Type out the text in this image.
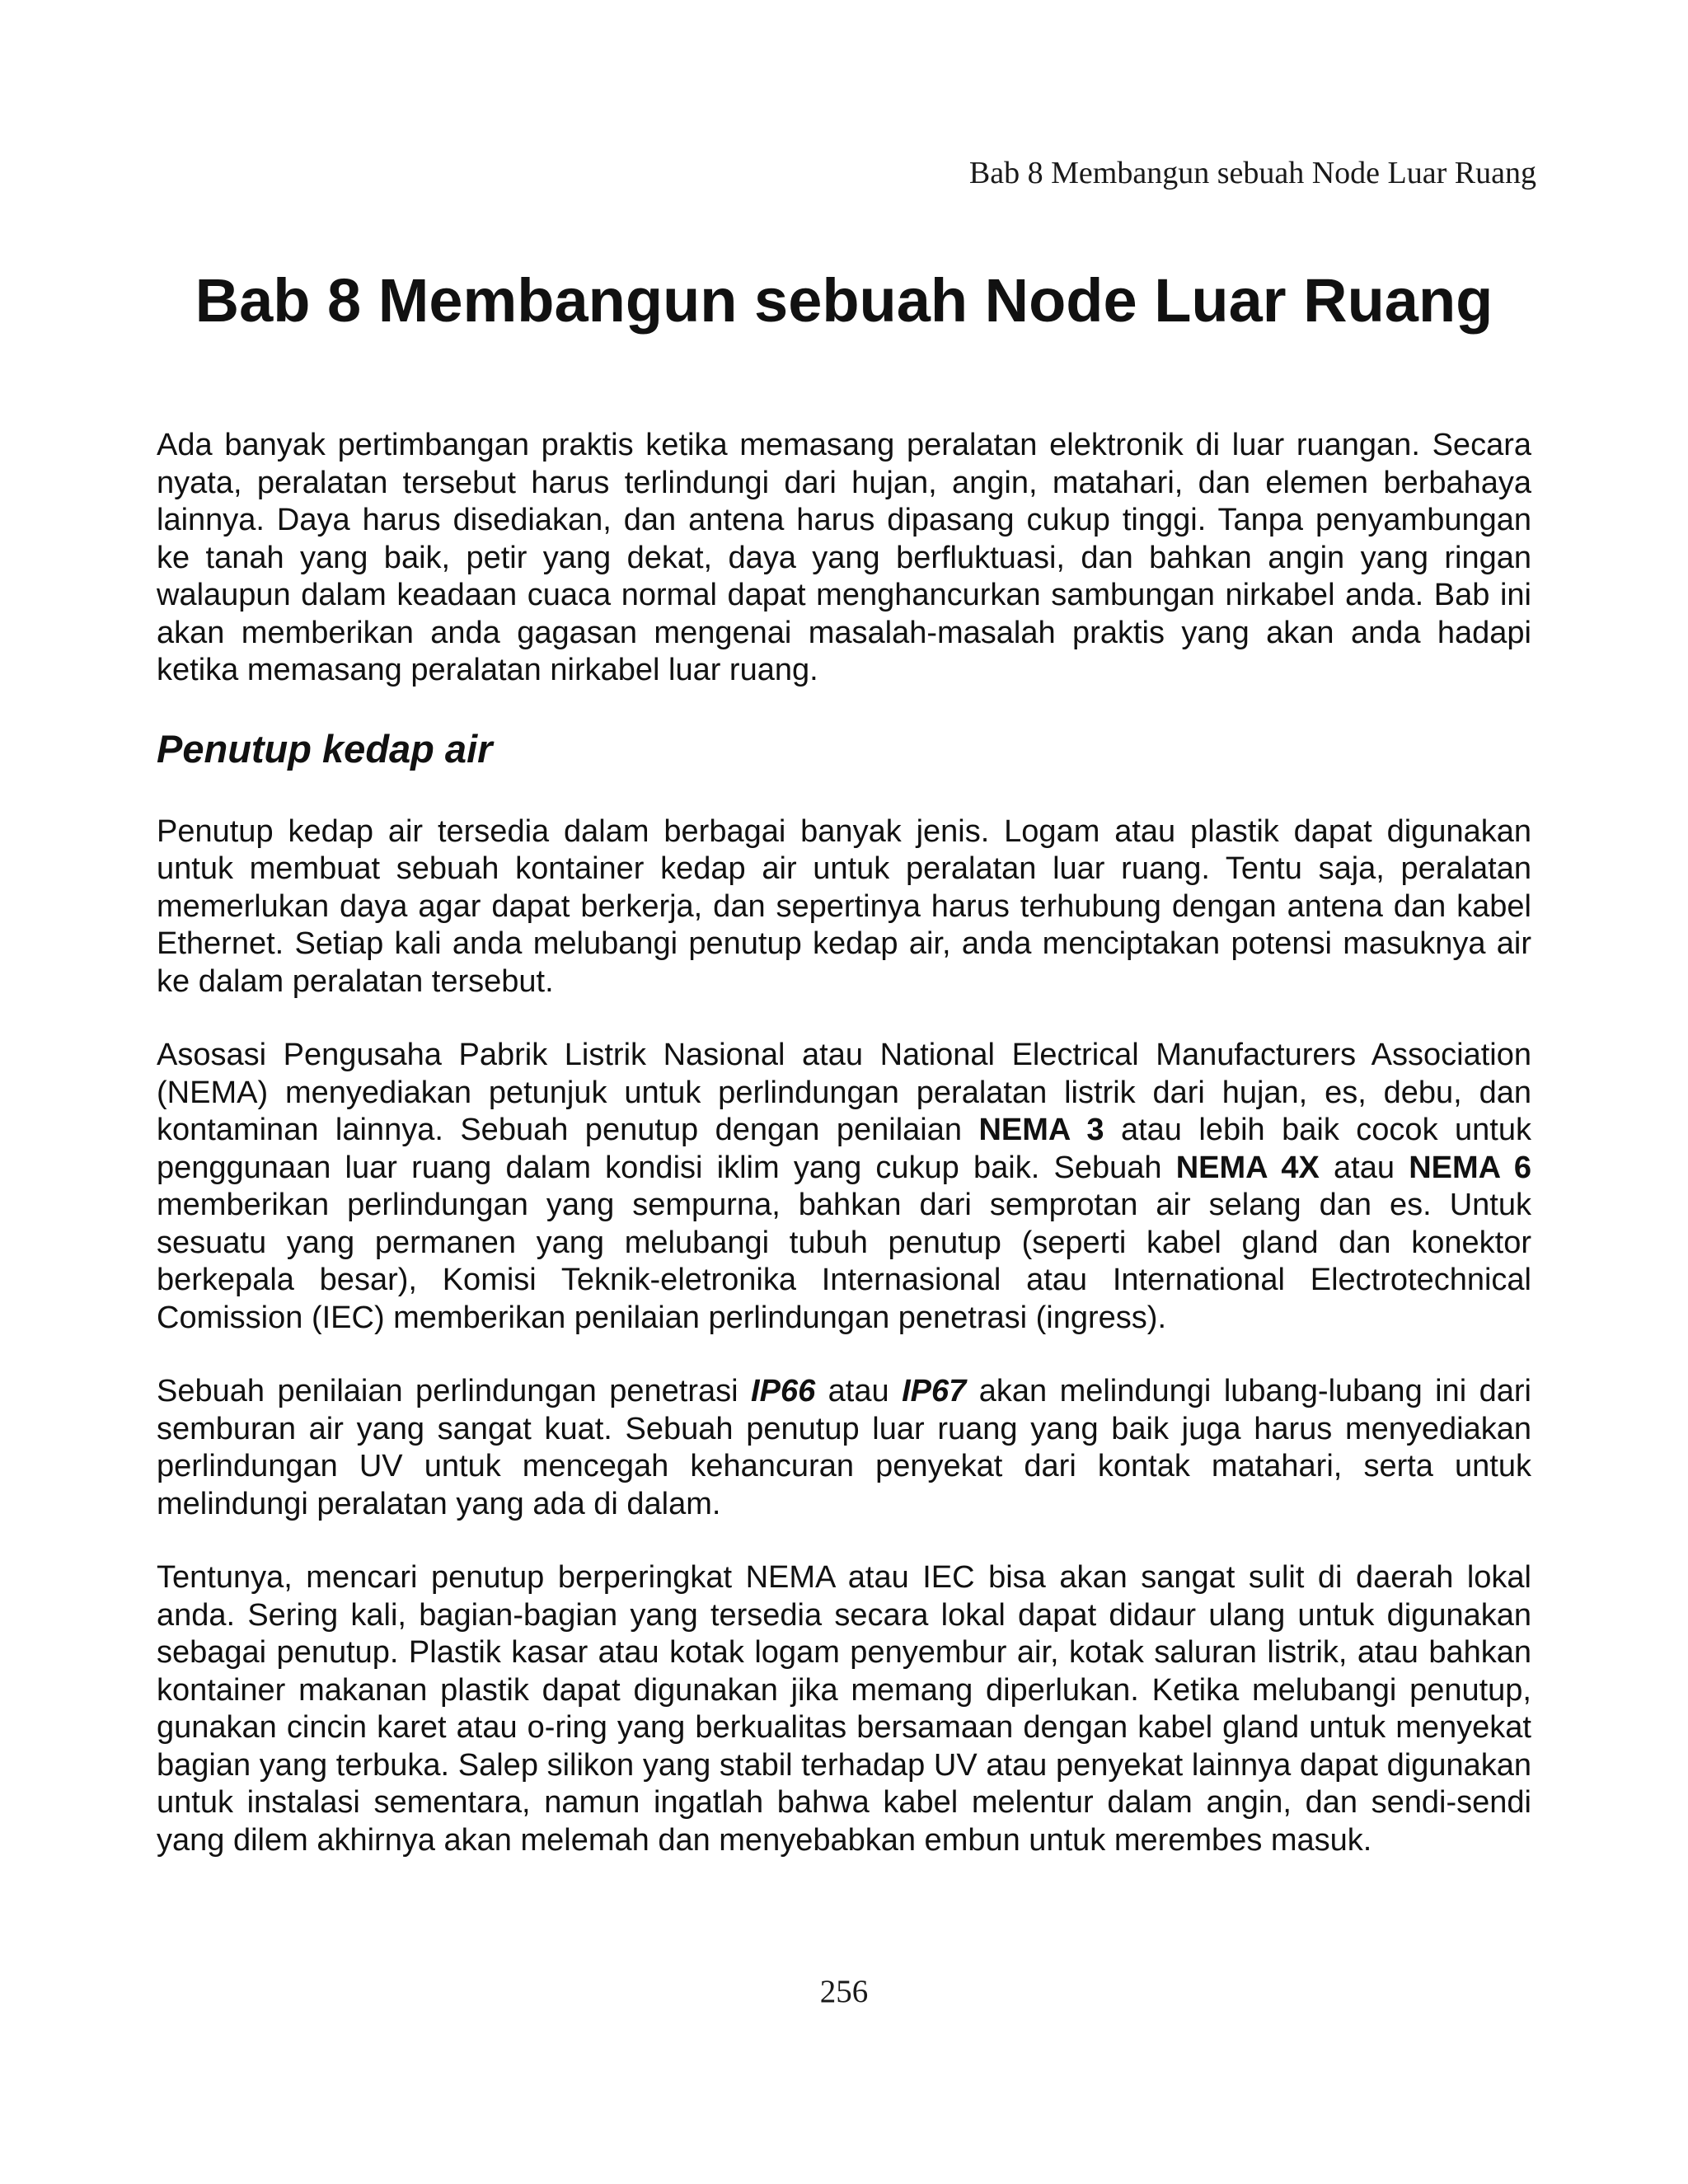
Bab 8 Membangun sebuah Node Luar Ruang
Bab 8 Membangun sebuah Node Luar Ruang

Ada banyak pertimbangan praktis ketika memasang peralatan elektronik di luar ruangan. Secara nyata, peralatan tersebut harus terlindungi dari hujan, angin, matahari, dan elemen berbahaya lainnya. Daya harus disediakan, dan antena harus dipasang cukup tinggi. Tanpa penyambungan ke tanah yang baik, petir yang dekat, daya yang berfluktuasi, dan bahkan angin yang ringan walaupun dalam keadaan cuaca normal dapat menghancurkan sambungan nirkabel anda. Bab ini akan memberikan anda gagasan mengenai masalah-masalah praktis yang akan anda hadapi ketika memasang peralatan nirkabel luar ruang.

Penutup kedap air

Penutup kedap air tersedia dalam berbagai banyak jenis. Logam atau plastik dapat digunakan untuk membuat sebuah kontainer kedap air untuk peralatan luar ruang. Tentu saja, peralatan memerlukan daya agar dapat berkerja, dan sepertinya harus terhubung dengan antena dan kabel Ethernet. Setiap kali anda melubangi penutup kedap air, anda menciptakan potensi masuknya air ke dalam peralatan tersebut.

Asosasi Pengusaha Pabrik Listrik Nasional atau National Electrical Manufacturers Association (NEMA) menyediakan petunjuk untuk perlindungan peralatan listrik dari hujan, es, debu, dan kontaminan lainnya. Sebuah penutup dengan penilaian NEMA 3 atau lebih baik cocok untuk penggunaan luar ruang dalam kondisi iklim yang cukup baik. Sebuah NEMA 4X atau NEMA 6 memberikan perlindungan yang sempurna, bahkan dari semprotan air selang dan es. Untuk sesuatu yang permanen yang melubangi tubuh penutup (seperti kabel gland dan konektor berkepala besar), Komisi Teknik-eletronika Internasional atau International Electrotechnical Comission (IEC) memberikan penilaian perlindungan penetrasi (ingress).

Sebuah penilaian perlindungan penetrasi IP66 atau IP67 akan melindungi lubang-lubang ini dari semburan air yang sangat kuat. Sebuah penutup luar ruang yang baik juga harus menyediakan perlindungan UV untuk mencegah kehancuran penyekat dari kontak matahari, serta untuk melindungi peralatan yang ada di dalam.

Tentunya, mencari penutup berperingkat NEMA atau IEC bisa akan sangat sulit di daerah lokal anda. Sering kali, bagian-bagian yang tersedia secara lokal dapat didaur ulang untuk digunakan sebagai penutup. Plastik kasar atau kotak logam penyembur air, kotak saluran listrik, atau bahkan kontainer makanan plastik dapat digunakan jika memang diperlukan. Ketika melubangi penutup, gunakan cincin karet atau o-ring yang berkualitas bersamaan dengan kabel gland untuk menyekat bagian yang terbuka. Salep silikon yang stabil terhadap UV atau penyekat lainnya dapat digunakan untuk instalasi sementara, namun ingatlah bahwa kabel melentur dalam angin, dan sendi-sendi yang dilem akhirnya akan melemah dan menyebabkan embun untuk merembes masuk.

256
